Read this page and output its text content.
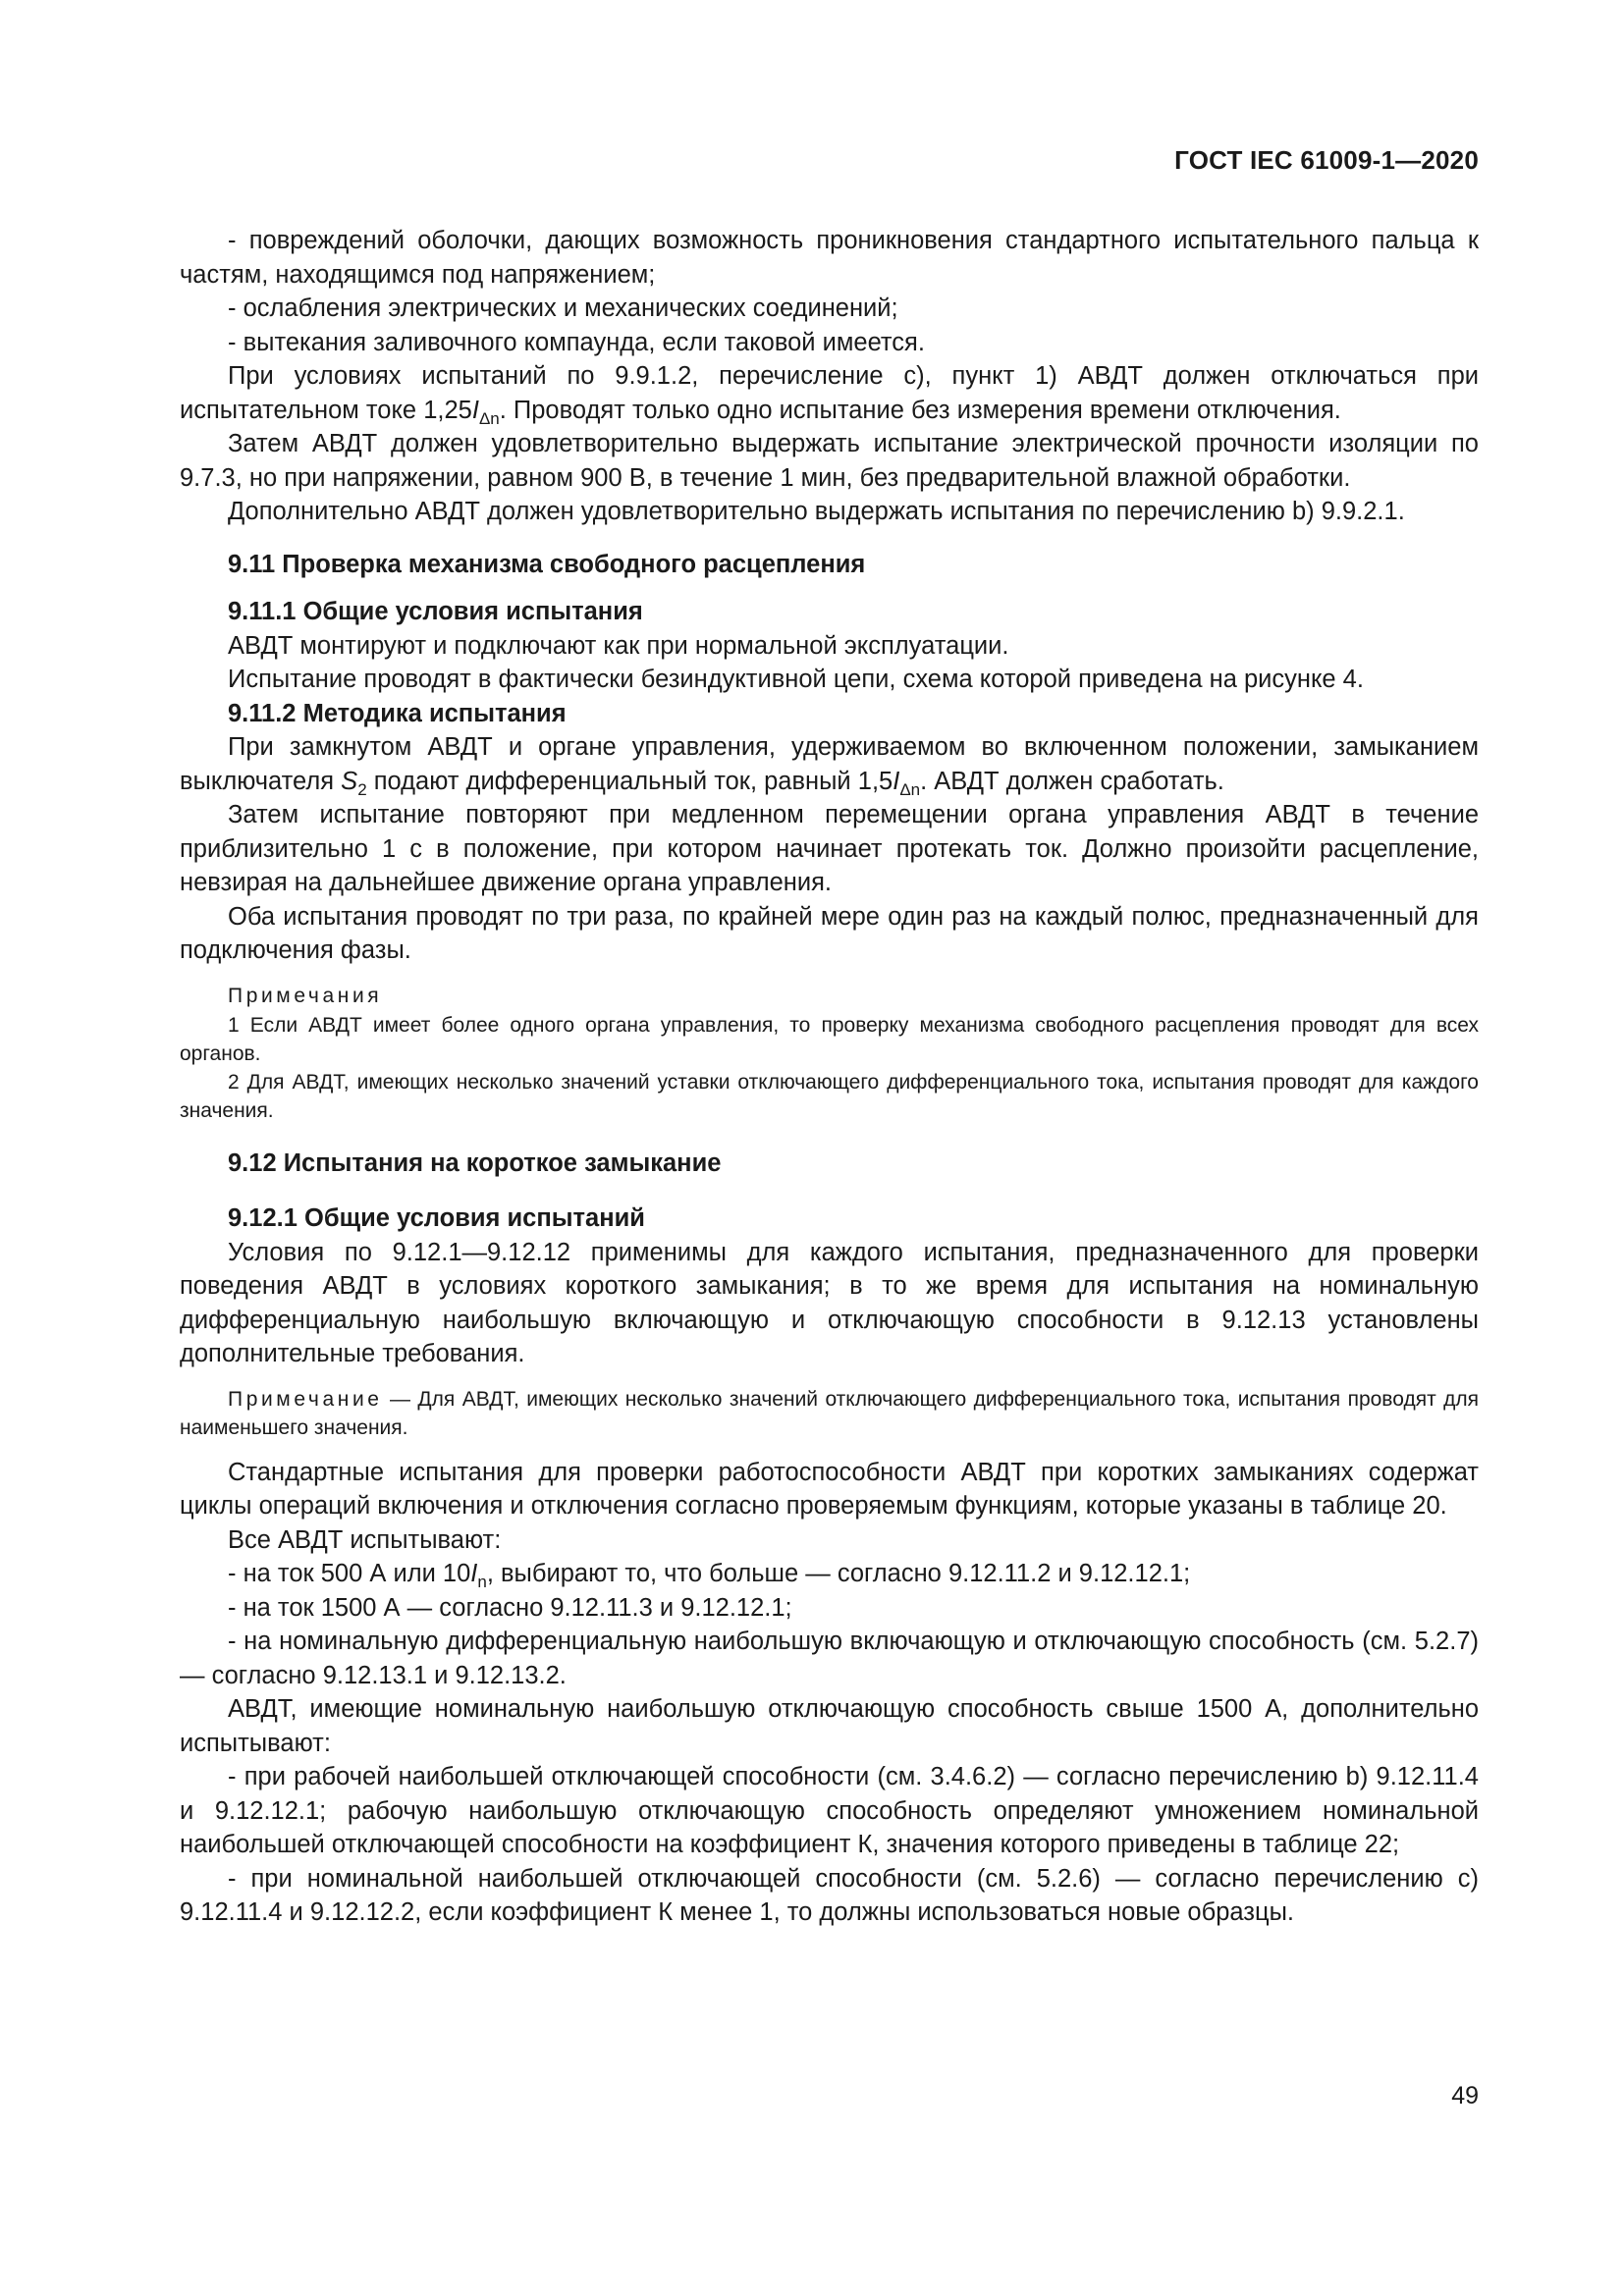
ГОСТ IEC 61009-1—2020

- повреждений оболочки, дающих возможность проникновения стандартного испытательного пальца к частям, находящимся под напряжением;

- ослабления электрических и механических соединений;

- вытекания заливочного компаунда, если таковой имеется.

При условиях испытаний по 9.9.1.2, перечисление c), пункт 1) АВДТ должен отключаться при испытательном токе $1,25I_{\Delta n}$. Проводят только одно испытание без измерения времени отключения.

Затем АВДТ должен удовлетворительно выдержать испытание электрической прочности изоляции по 9.7.3, но при напряжении, равном 900 В, в течение 1 мин, без предварительной влажной обработки.

Дополнительно АВДТ должен удовлетворительно выдержать испытания по перечислению b) 9.9.2.1.

9.11 Проверка механизма свободного расцепления
9.11.1 Общие условия испытания

АВДТ монтируют и подключают как при нормальной эксплуатации.

Испытание проводят в фактически безиндуктивной цепи, схема которой приведена на рисунке 4.

9.11.2 Методика испытания

При замкнутом АВДТ и органе управления, удерживаемом во включенном положении, замыканием выключателя $S_2$ подают дифференциальный ток, равный $1,5I_{\Delta n}$. АВДТ должен сработать.

Затем испытание повторяют при медленном перемещении органа управления АВДТ в течение приблизительно 1 с в положение, при котором начинает протекать ток. Должно произойти расцепление, невзирая на дальнейшее движение органа управления.

Оба испытания проводят по три раза, по крайней мере один раз на каждый полюс, предназначенный для подключения фазы.

Примечания

1 Если АВДТ имеет более одного органа управления, то проверку механизма свободного расцепления проводят для всех органов.

2 Для АВДТ, имеющих несколько значений уставки отключающего дифференциального тока, испытания проводят для каждого значения.

9.12 Испытания на короткое замыкание
9.12.1 Общие условия испытаний

Условия по 9.12.1—9.12.12 применимы для каждого испытания, предназначенного для проверки поведения АВДТ в условиях короткого замыкания; в то же время для испытания на номинальную дифференциальную наибольшую включающую и отключающую способности в 9.12.13 установлены дополнительные требования.

Примечание — Для АВДТ, имеющих несколько значений отключающего дифференциального тока, испытания проводят для наименьшего значения.

Стандартные испытания для проверки работоспособности АВДТ при коротких замыканиях содержат циклы операций включения и отключения согласно проверяемым функциям, которые указаны в таблице 20.

Все АВДТ испытывают:

- на ток 500 А или $10I_n$, выбирают то, что больше — согласно 9.12.11.2 и 9.12.12.1;

- на ток 1500 А — согласно 9.12.11.3 и 9.12.12.1;

- на номинальную дифференциальную наибольшую включающую и отключающую способность (см. 5.2.7) — согласно 9.12.13.1 и 9.12.13.2.

АВДТ, имеющие номинальную наибольшую отключающую способность свыше 1500 А, дополнительно испытывают:

- при рабочей наибольшей отключающей способности (см. 3.4.6.2) — согласно перечислению b) 9.12.11.4 и 9.12.12.1; рабочую наибольшую отключающую способность определяют умножением номинальной наибольшей отключающей способности на коэффициент К, значения которого приведены в таблице 22;

- при номинальной наибольшей отключающей способности (см. 5.2.6) — согласно перечислению c) 9.12.11.4 и 9.12.12.2, если коэффициент К менее 1, то должны использоваться новые образцы.

49
